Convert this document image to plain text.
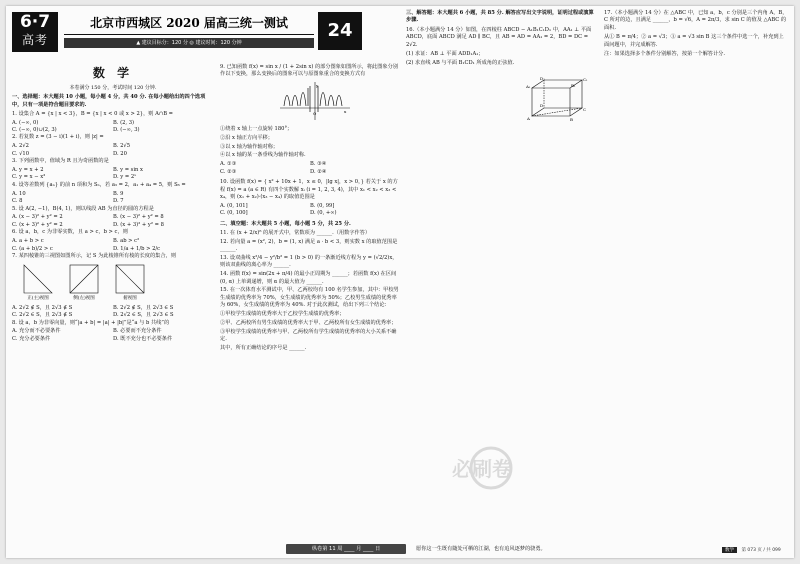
6·7
高考
北京市西城区 2020 届高三统一测试
▲ 建议目标分：120 分 ◎ 建议时间：120 分钟
24

数 学

本卷满分 150 分，考试时间 120 分钟.

一、选择题：本大题共 10 小题，每小题 4 分，共 40 分. 在每小题给出的四个选项中，只有一项是符合题目要求的.

1. 设集合 A = {x | x < 3}，B = {x | x < 0 或 x > 2}，则 A∩B =

A. (−∞, 0)	B. (2, 3)
C. (−∞, 0)∪(2, 3)	D. (−∞, 3)

2. 若复数 z = (3 − i)(1 + i)，则 |z| =

A. 2√2	B. 2√5
C. √10	D. 20

3. 下列函数中，值域为 R 且为奇函数的是

A. y = x + 2	B. y = sin x
C. y = x − x³	D. y = 2ˣ

4. 设等差数列 {aₙ} 的前 n 项和为 Sₙ，若 a₃ = 2，a₁ + a₄ = 5，则 S₆ =

A. 10	B. 9
C. 8	D. 7

5. 设 A(2, −1)，B(4, 1)，则以线段 AB 为直径的圆的方程是

A. (x − 3)² + y² = 2	B. (x − 3)² + y² = 8
C. (x + 3)² + y² = 2	D. (x + 3)² + y² = 8

6. 设 a，b，c 为非零实数，且 a > c，b > c，则

A. a + b > c	B. ab > c²
C. (a + b)/2 > c	D. 1/a + 1/b > 2/c

7. 某四棱锥的三视图如图所示，记 S 为此棱锥所有棱的长度的集合，则

正(主)视图	侧(左)视图	俯视图
A. 2√2 ∉ S，且 2√3 ∉ S	B. 2√2 ∉ S，且 2√3 ∈ S
C. 2√2 ∈ S，且 2√3 ∉ S	D. 2√2 ∈ S，且 2√3 ∈ S

8. 设 a，b 为非零向量，则“|a + b| = |a| + |b|”是“a 与 b 共线”的

A. 充分而不必要条件	B. 必要而不充分条件
C. 充分必要条件	D. 既不充分也不必要条件

9. 已知函数 f(x) = sin x / (1 + 2sin x) 的部分图象如图所示，将此图象分别作以下变换，那么变换后的图象可以与原图象重合的变换方式有

O	x
y

①绕着 x 轴上一点旋转 180°；

②沿 x 轴正方向平移；

③以 x 轴为轴作轴对称；

④以 x 轴的某一条垂线为轴作轴对称.

A. ①③	B. ③④
C. ②③	D. ②④

10. 设函数 f(x) = { x² + 10x + 1，x ≤ 0，|lg x|，x > 0，} 若关于 x 的方程 f(x) = a (a ∈ R) 有四个实数解 xᵢ (i = 1, 2, 3, 4)，其中 x₁ < x₂ < x₃ < x₄，则 (x₁ + x₂)·(x₃ − x₄) 的取值范围是

A. (0, 101]	B. (0, 99]
C. (0, 100]	D. (0, +∞)

二、填空题：本大题共 5 小题，每小题 5 分，共 25 分.

11. 在 (x + 2/x)⁶ 的展开式中，常数项为 ______.（用数字作答）

12. 若向量 a = (x², 2)，b = (1, x) 满足 a · b < 3，则实数 x 的取值范围是 ______.

13. 设双曲线 x²/4 − y²/b² = 1 (b > 0) 的一条渐近线方程为 y = (√2/2)x，则该双曲线的离心率为 ______.

14. 函数 f(x) = sin(2x + π/4) 的最小正周期为 ______；若函数 f(x) 在区间 (0, α) 上单调递增，则 α 的最大值为 ______.

15. 在一次体育水平测试中，甲、乙两校均有 100 名学生参加，其中：甲校男生成绩的优秀率为 70%，女生成绩的优秀率为 50%；乙校男生成绩的优秀率为 60%，女生成绩的优秀率为 40%. 对于此次测试，给出下列三个结论：

①甲校学生成绩的优秀率大于乙校学生成绩的优秀率；

②甲、乙两校所有男生成绩的优秀率大于甲、乙两校所有女生成绩的优秀率；

③甲校学生成绩的优秀率与甲、乙两校所有学生成绩的优秀率的大小关系不确定.

其中，所有正确结论的序号是 ______.

三、解答题：本大题共 6 小题，共 85 分. 解答应写出文字说明，证明过程或演算步骤.

16.（本小题满分 14 分）如图，在四棱柱 ABCD − A₁B₁C₁D₁ 中，AA₁ ⊥ 平面 ABCD，底面 ABCD 满足 AD ∥ BC，且 AB = AD = AA₁ = 2，BD = DC = 2√2.

(1) 求证：AB ⊥ 平面 ADD₁A₁；

(2) 求直线 AB 与平面 B₁CD₁ 所成角的正弦值.

A₁	B₁
C₁
D₁
A	B
C
D

17.（本小题满分 14 分）在 △ABC 中，已知 a，b，c 分别是三个内角 A，B，C 所对的边，且满足 ______，b = √6，A = 2π/3，求 sin C 的值及 △ABC 的面积.

从① B = π/4；② a = √3；③ a = √3 sin B 这三个条件中选一个，补充到上面问题中，并完成解答.

注：如果选择多个条件分别解答，按第一个解答计分.

必刷卷
纵卷第 11 周 ____ 月 ____ 日	愿你这一生既有随处可栖的江湖，也有追风逐梦的骁勇。	数学 第 073 页 / 共 099
